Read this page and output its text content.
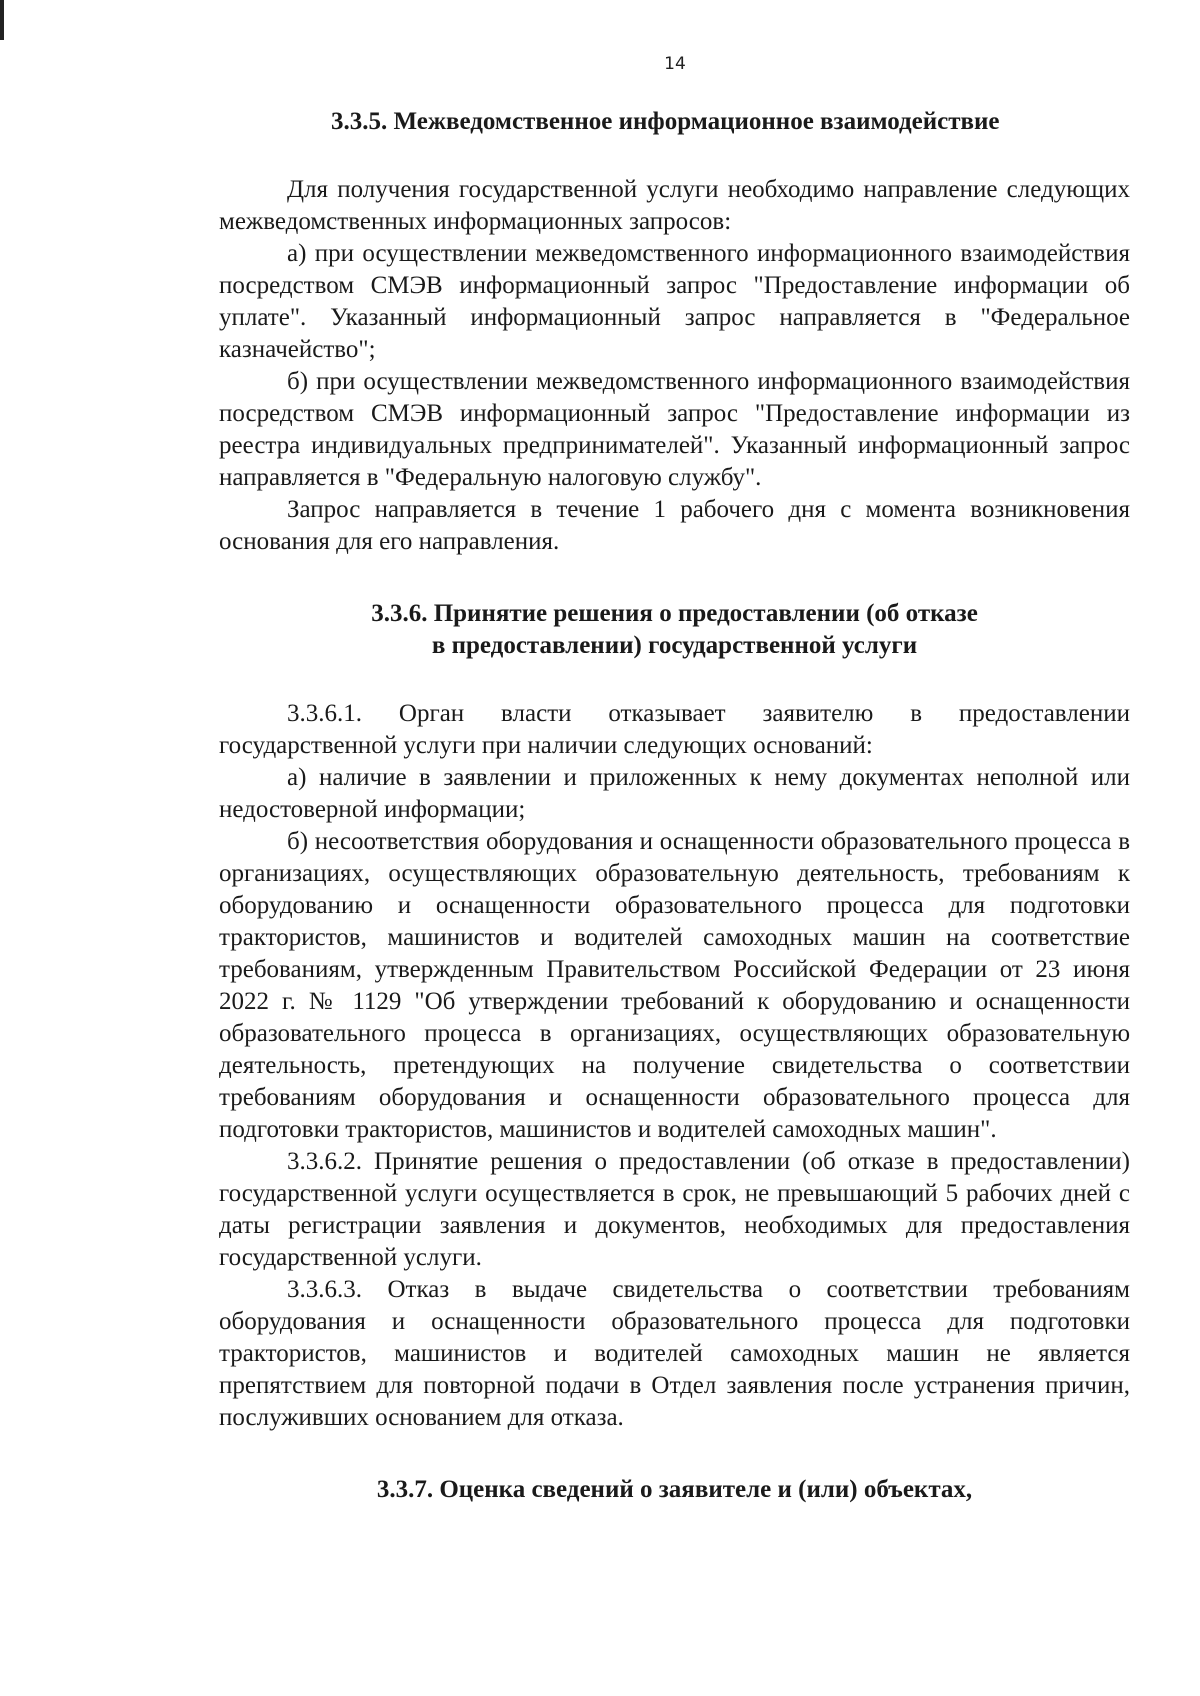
14
3.3.5. Межведомственное информационное взаимодействие

Для получения государственной услуги необходимо направление следующих межведомственных информационных запросов:

а) при осуществлении межведомственного информационного взаимодействия посредством СМЭВ информационный запрос "Предоставление информации об уплате". Указанный информационный запрос направляется в "Федеральное казначейство";

б) при осуществлении межведомственного информационного взаимодействия посредством СМЭВ информационный запрос "Предоставление информации из реестра индивидуальных предпринимателей". Указанный информационный запрос направляется в "Федеральную налоговую службу".

Запрос направляется в течение 1 рабочего дня с момента возникновения основания для его направления.

3.3.6. Принятие решения о предоставлении (об отказе
в предоставлении) государственной услуги

3.3.6.1. Орган власти отказывает заявителю в предоставлении государственной услуги при наличии следующих оснований:

а) наличие в заявлении и приложенных к нему документах неполной или недостоверной информации;

б) несоответствия оборудования и оснащенности образовательного процесса в организациях, осуществляющих образовательную деятельность, требованиям к оборудованию и оснащенности образовательного процесса для подготовки трактористов, машинистов и водителей самоходных машин на соответствие требованиям, утвержденным Правительством Российской Федерации от 23 июня 2022 г. № 1129 "Об утверждении требований к оборудованию и оснащенности образовательного процесса в организациях, осуществляющих образовательную деятельность, претендующих на получение свидетельства о соответствии требованиям оборудования и оснащенности образовательного процесса для подготовки трактористов, машинистов и водителей самоходных машин".

3.3.6.2. Принятие решения о предоставлении (об отказе в предоставлении) государственной услуги осуществляется в срок, не превышающий 5 рабочих дней с даты регистрации заявления и документов, необходимых для предоставления государственной услуги.

3.3.6.3. Отказ в выдаче свидетельства о соответствии требованиям оборудования и оснащенности образовательного процесса для подготовки трактористов, машинистов и водителей самоходных машин не является препятствием для повторной подачи в Отдел заявления после устранения причин, послуживших основанием для отказа.

3.3.7. Оценка сведений о заявителе и (или) объектах,
